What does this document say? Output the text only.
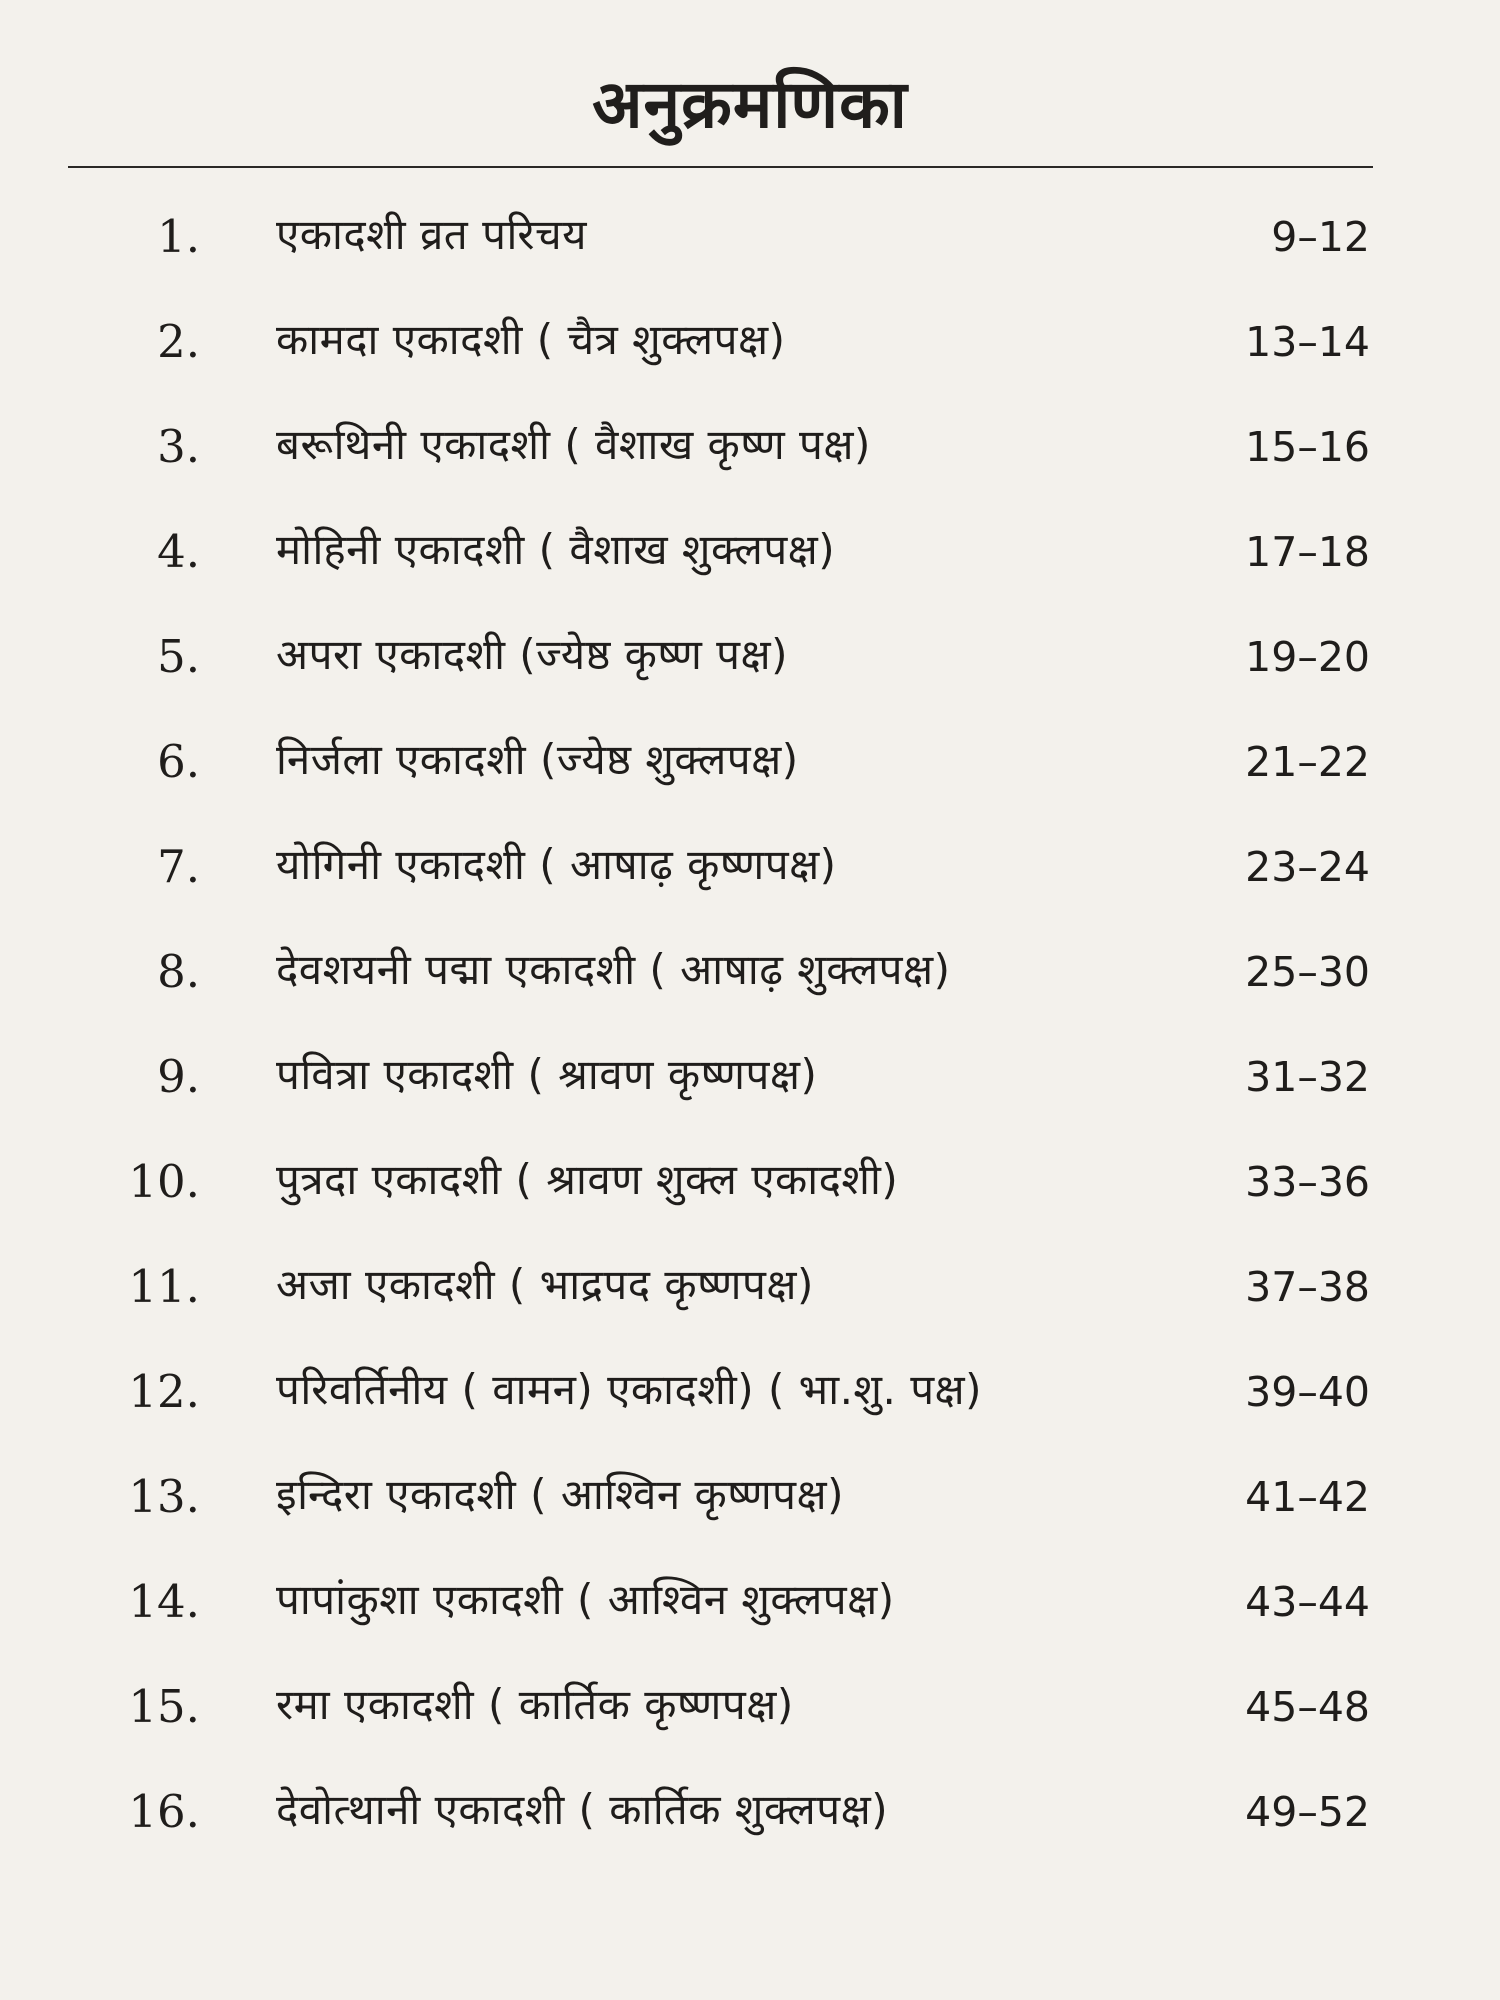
अनुक्रमणिका
1. एकादशी व्रत परिचय	9–12
2. कामदा एकादशी ( चैत्र शुक्लपक्ष)	13–14
3. बरूथिनी एकादशी ( वैशाख कृष्ण पक्ष)	15–16
4. मोहिनी एकादशी ( वैशाख शुक्लपक्ष)	17–18
5. अपरा एकादशी (ज्येष्ठ कृष्ण पक्ष)	19–20
6. निर्जला एकादशी (ज्येष्ठ शुक्लपक्ष)	21–22
7. योगिनी एकादशी ( आषाढ़ कृष्णपक्ष)	23–24
8. देवशयनी पद्मा एकादशी ( आषाढ़ शुक्लपक्ष)	25–30
9. पवित्रा एकादशी ( श्रावण कृष्णपक्ष)	31–32
10. पुत्रदा एकादशी ( श्रावण शुक्ल एकादशी)	33–36
11. अजा एकादशी ( भाद्रपद कृष्णपक्ष)	37–38
12. परिवर्तिनीय ( वामन) एकादशी) ( भा.शु. पक्ष)	39–40
13. इन्दिरा एकादशी ( आश्विन कृष्णपक्ष)	41–42
14. पापांकुशा एकादशी ( आश्विन शुक्लपक्ष)	43–44
15. रमा एकादशी ( कार्तिक कृष्णपक्ष)	45–48
16. देवोत्थानी एकादशी ( कार्तिक शुक्लपक्ष)	49–52
